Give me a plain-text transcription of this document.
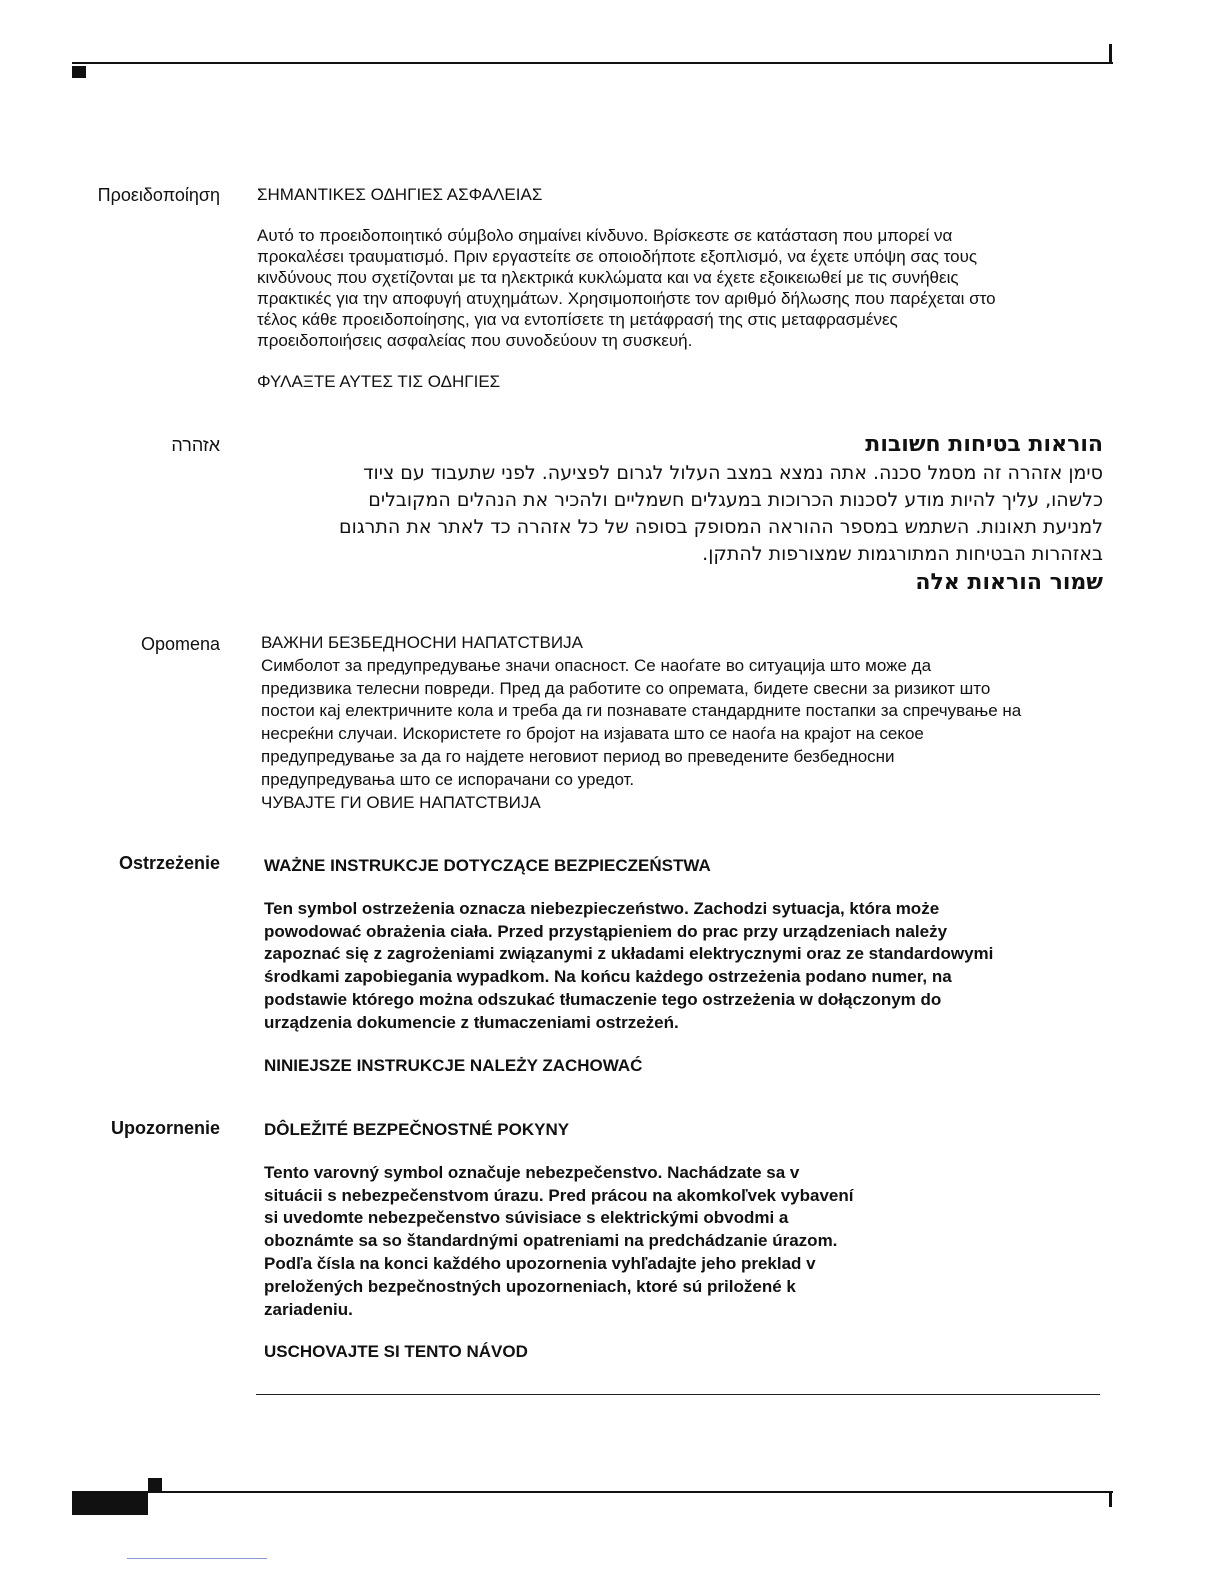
Προειδοποίηση ΣΗΜΑΝΤΙΚΕΣ ΟΔΗΓΙΕΣ ΑΣΦΑΛΕΙΑΣ

Αυτό το προειδοποιητικό σύμβολο σημαίνει κίνδυνο. Βρίσκεστε σε κατάσταση που μπορεί να

προκαλέσει τραυματισμό. Πριν εργαστείτε σε οποιοδήποτε εξοπλισμό, να έχετε υπόψη σας τους

κινδύνους που σχετίζονται με τα ηλεκτρικά κυκλώματα και να έχετε εξοικειωθεί με τις συνήθεις

πρακτικές για την αποφυγή ατυχημάτων. Χρησιμοποιήστε τον αριθμό δήλωσης που παρέχεται στο

τέλος κάθε προειδοποίησης, για να εντοπίσετε τη μετάφρασή της στις μεταφρασμένες

προειδοποιήσεις ασφαλείας που συνοδεύουν τη συσκευή.

ΦΥΛΑΞΤΕ ΑΥΤΕΣ ΤΙΣ ΟΔΗΓΙΕΣ

אזהרה	הוראות בטיחות חשובות

סימן אזהרה זה מסמל סכנה. אתה נמצא במצב העלול לגרום לפציעה. לפני שתעבוד עם ציוד

כלשהו, עליך להיות מודע לסכנות הכרוכות במעגלים חשמליים ולהכיר את הנהלים המקובלים

למניעת תאונות. השתמש במספר ההוראה המסופק בסופה של כל אזהרה כד לאתר את התרגום

באזהרות הבטיחות המתורגמות שמצורפות להתקן.

שמור הוראות אלה

Opomena ВАЖНИ БЕЗБЕДНОСНИ НАПАТСТВИЈА

Симболот за предупредување значи опасност. Се наоѓате во ситуација што може да

предизвика телесни повреди. Пред да работите со опремата, бидете свесни за ризикот што

постои кај електричните кола и треба да ги познавате стандардните постапки за спречување на

несреќни случаи. Искористете го бројот на изјавата што се наоѓа на крајот на секое

предупредување за да го најдете неговиот период во преведените безбедносни

предупредувања што се испорачани со уредот.

ЧУВАЈТЕ ГИ ОВИЕ НАПАТСТВИЈА

Ostrzeżenie	WAŻNE INSTRUKCJE DOTYCZĄCE BEZPIECZEŃSTWA

Ten symbol ostrzeżenia oznacza niebezpieczeństwo. Zachodzi sytuacja, która może

powodować obrażenia ciała. Przed przystąpieniem do prac przy urządzeniach należy

zapoznać się z zagrożeniami związanymi z układami elektrycznymi oraz ze standardowymi

środkami zapobiegania wypadkom. Na końcu każdego ostrzeżenia podano numer, na

podstawie którego można odszukać tłumaczenie tego ostrzeżenia w dołączonym do

urządzenia dokumencie z tłumaczeniami ostrzeżeń.

NINIEJSZE INSTRUKCJE NALEŻY ZACHOWAĆ

Upozornenie	DÔLEŽITÉ BEZPEČNOSTNÉ POKYNY

Tento varovný symbol označuje nebezpečenstvo. Nachádzate sa v

situácii s nebezpečenstvom úrazu. Pred prácou na akomkoľvek vybavení

si uvedomte nebezpečenstvo súvisiace s elektrickými obvodmi a

oboznámte sa so štandardnými opatreniami na predchádzanie úrazom.

Podľa čísla na konci každého upozornenia vyhľadajte jeho preklad v

preložených bezpečnostných upozorneniach, ktoré sú priložené k

zariadeniu.

USCHOVAJTE SI TENTO NÁVOD
